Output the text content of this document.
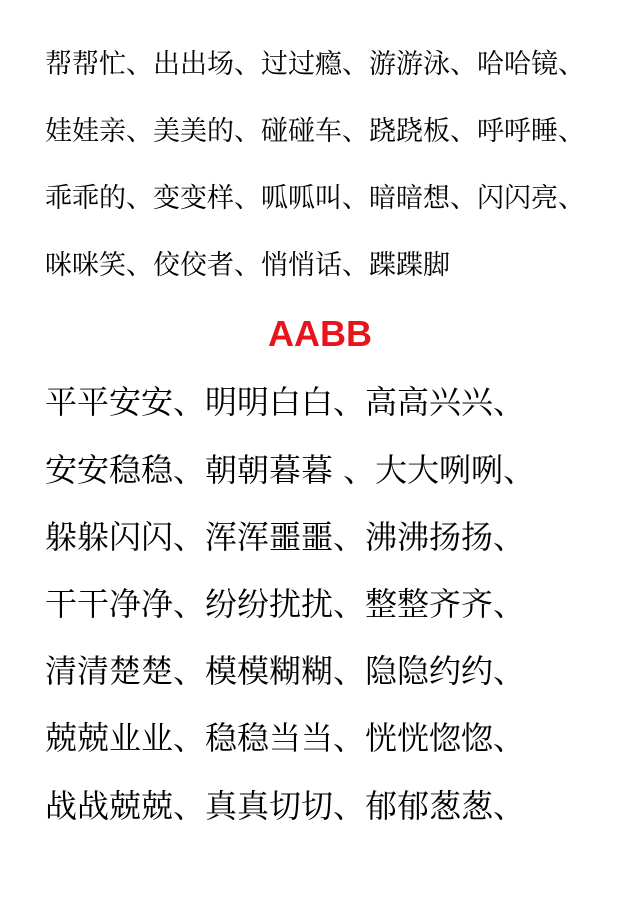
帮帮忙、出出场、过过瘾、游游泳、哈哈镜、
娃娃亲、美美的、碰碰车、跷跷板、呼呼睡、
乖乖的、变变样、呱呱叫、暗暗想、闪闪亮、
咪咪笑、佼佼者、悄悄话、蹀蹀脚
AABB
平平安安、明明白白、高高兴兴、
安安稳稳、朝朝暮暮 、大大咧咧、
躲躲闪闪、浑浑噩噩、沸沸扬扬、
干干净净、纷纷扰扰、整整齐齐、
清清楚楚、模模糊糊、隐隐约约、
兢兢业业、稳稳当当、恍恍惚惚、
战战兢兢、真真切切、郁郁葱葱、
